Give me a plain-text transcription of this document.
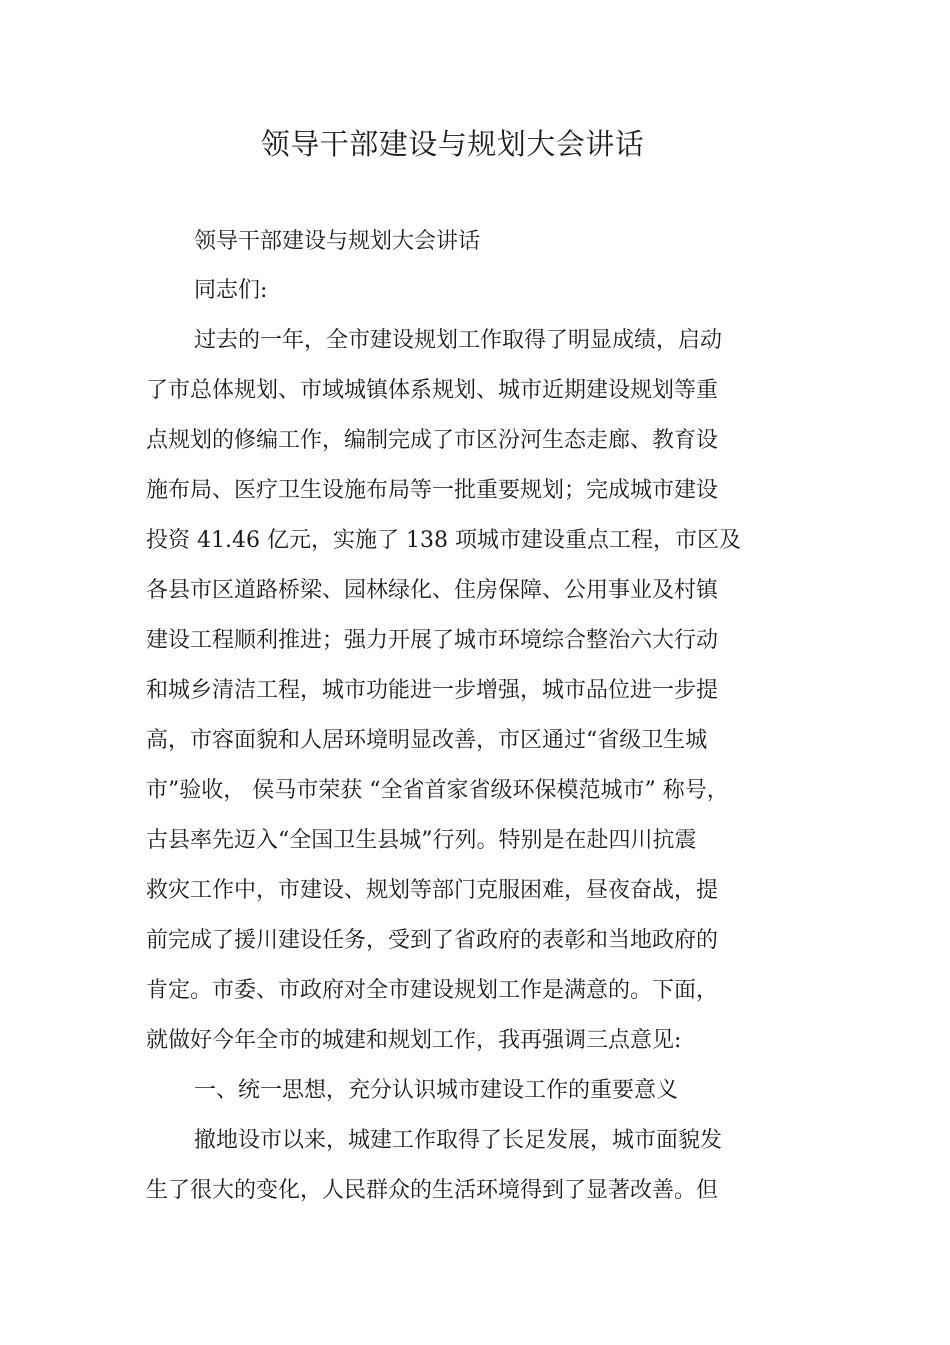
领导干部建设与规划大会讲话

领导干部建设与规划大会讲话

同志们:

过去的一年，全市建设规划工作取得了明显成绩，启动

了市总体规划、市域城镇体系规划、城市近期建设规划等重

点规划的修编工作，编制完成了市区汾河生态走廊、教育设

施布局、医疗卫生设施布局等一批重要规划；完成城市建设

投资 41.46 亿元，实施了 138 项城市建设重点工程，市区及

各县市区道路桥梁、园林绿化、住房保障、公用事业及村镇

建设工程顺利推进；强力开展了城市环境综合整治六大行动

和城乡清洁工程，城市功能进一步增强，城市品位进一步提

高，市容面貌和人居环境明显改善，市区通过“省级卫生城

市”验收， 侯马市荣获 “全省首家省级环保模范城市” 称号，

古县率先迈入“全国卫生县城”行列。特别是在赴四川抗震

救灾工作中，市建设、规划等部门克服困难，昼夜奋战，提

前完成了援川建设任务，受到了省政府的表彰和当地政府的

肯定。市委、市政府对全市建设规划工作是满意的。下面，

就做好今年全市的城建和规划工作，我再强调三点意见:

一、统一思想，充分认识城市建设工作的重要意义

撤地设市以来，城建工作取得了长足发展，城市面貌发

生了很大的变化，人民群众的生活环境得到了显著改善。但
